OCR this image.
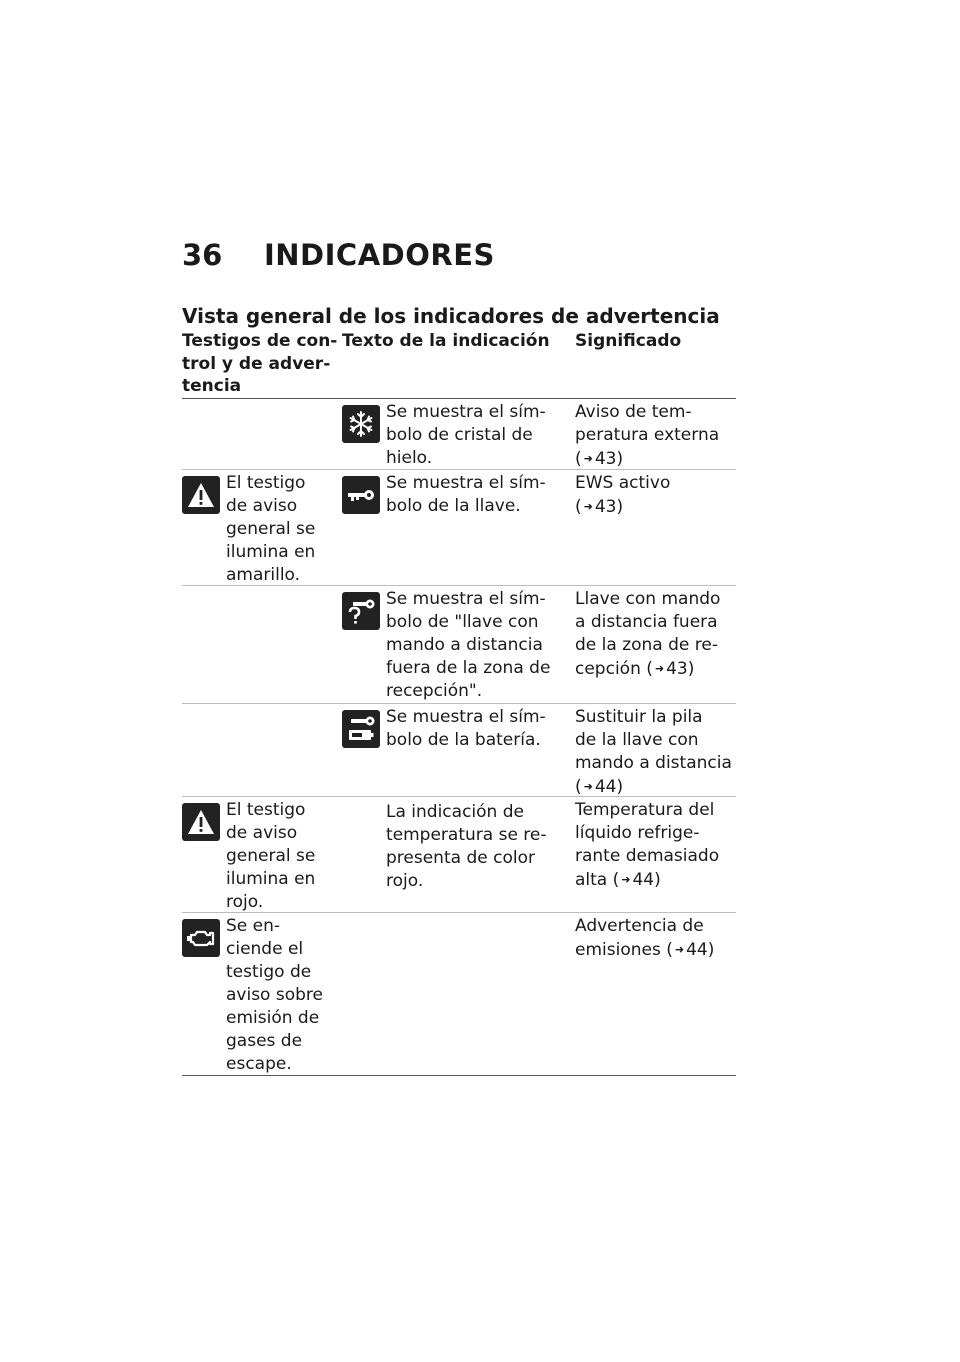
36	INDICADORES
Vista general de los indicadores de advertencia
Testigos de con-
trol y de adver-
tencia
Texto de la indicación	Significado
Se muestra el sím-
bolo de cristal de
hielo.
Aviso de tem-
peratura externa
( ➜ 43)
El testigo
de aviso
general se
ilumina en
amarillo.
Se muestra el sím-
bolo de la llave.
EWS activo
( ➜ 43)
Se muestra el sím-
bolo de "llave con
mando a distancia
fuera de la zona de
recepción".
Llave con mando
a distancia fuera
de la zona de re-
cepción ( ➜ 43)
Se muestra el sím-
bolo de la batería.
Sustituir la pila
de la llave con
mando a distancia
( ➜ 44)
El testigo
de aviso
general se
ilumina en
rojo.
La indicación de
temperatura se re-
presenta de color
rojo.
Temperatura del
líquido refrige-
rante demasiado
alta ( ➜ 44)
Se en-
ciende el
testigo de
aviso sobre
emisión de
gases de
escape.
Advertencia de
emisiones ( ➜ 44)
